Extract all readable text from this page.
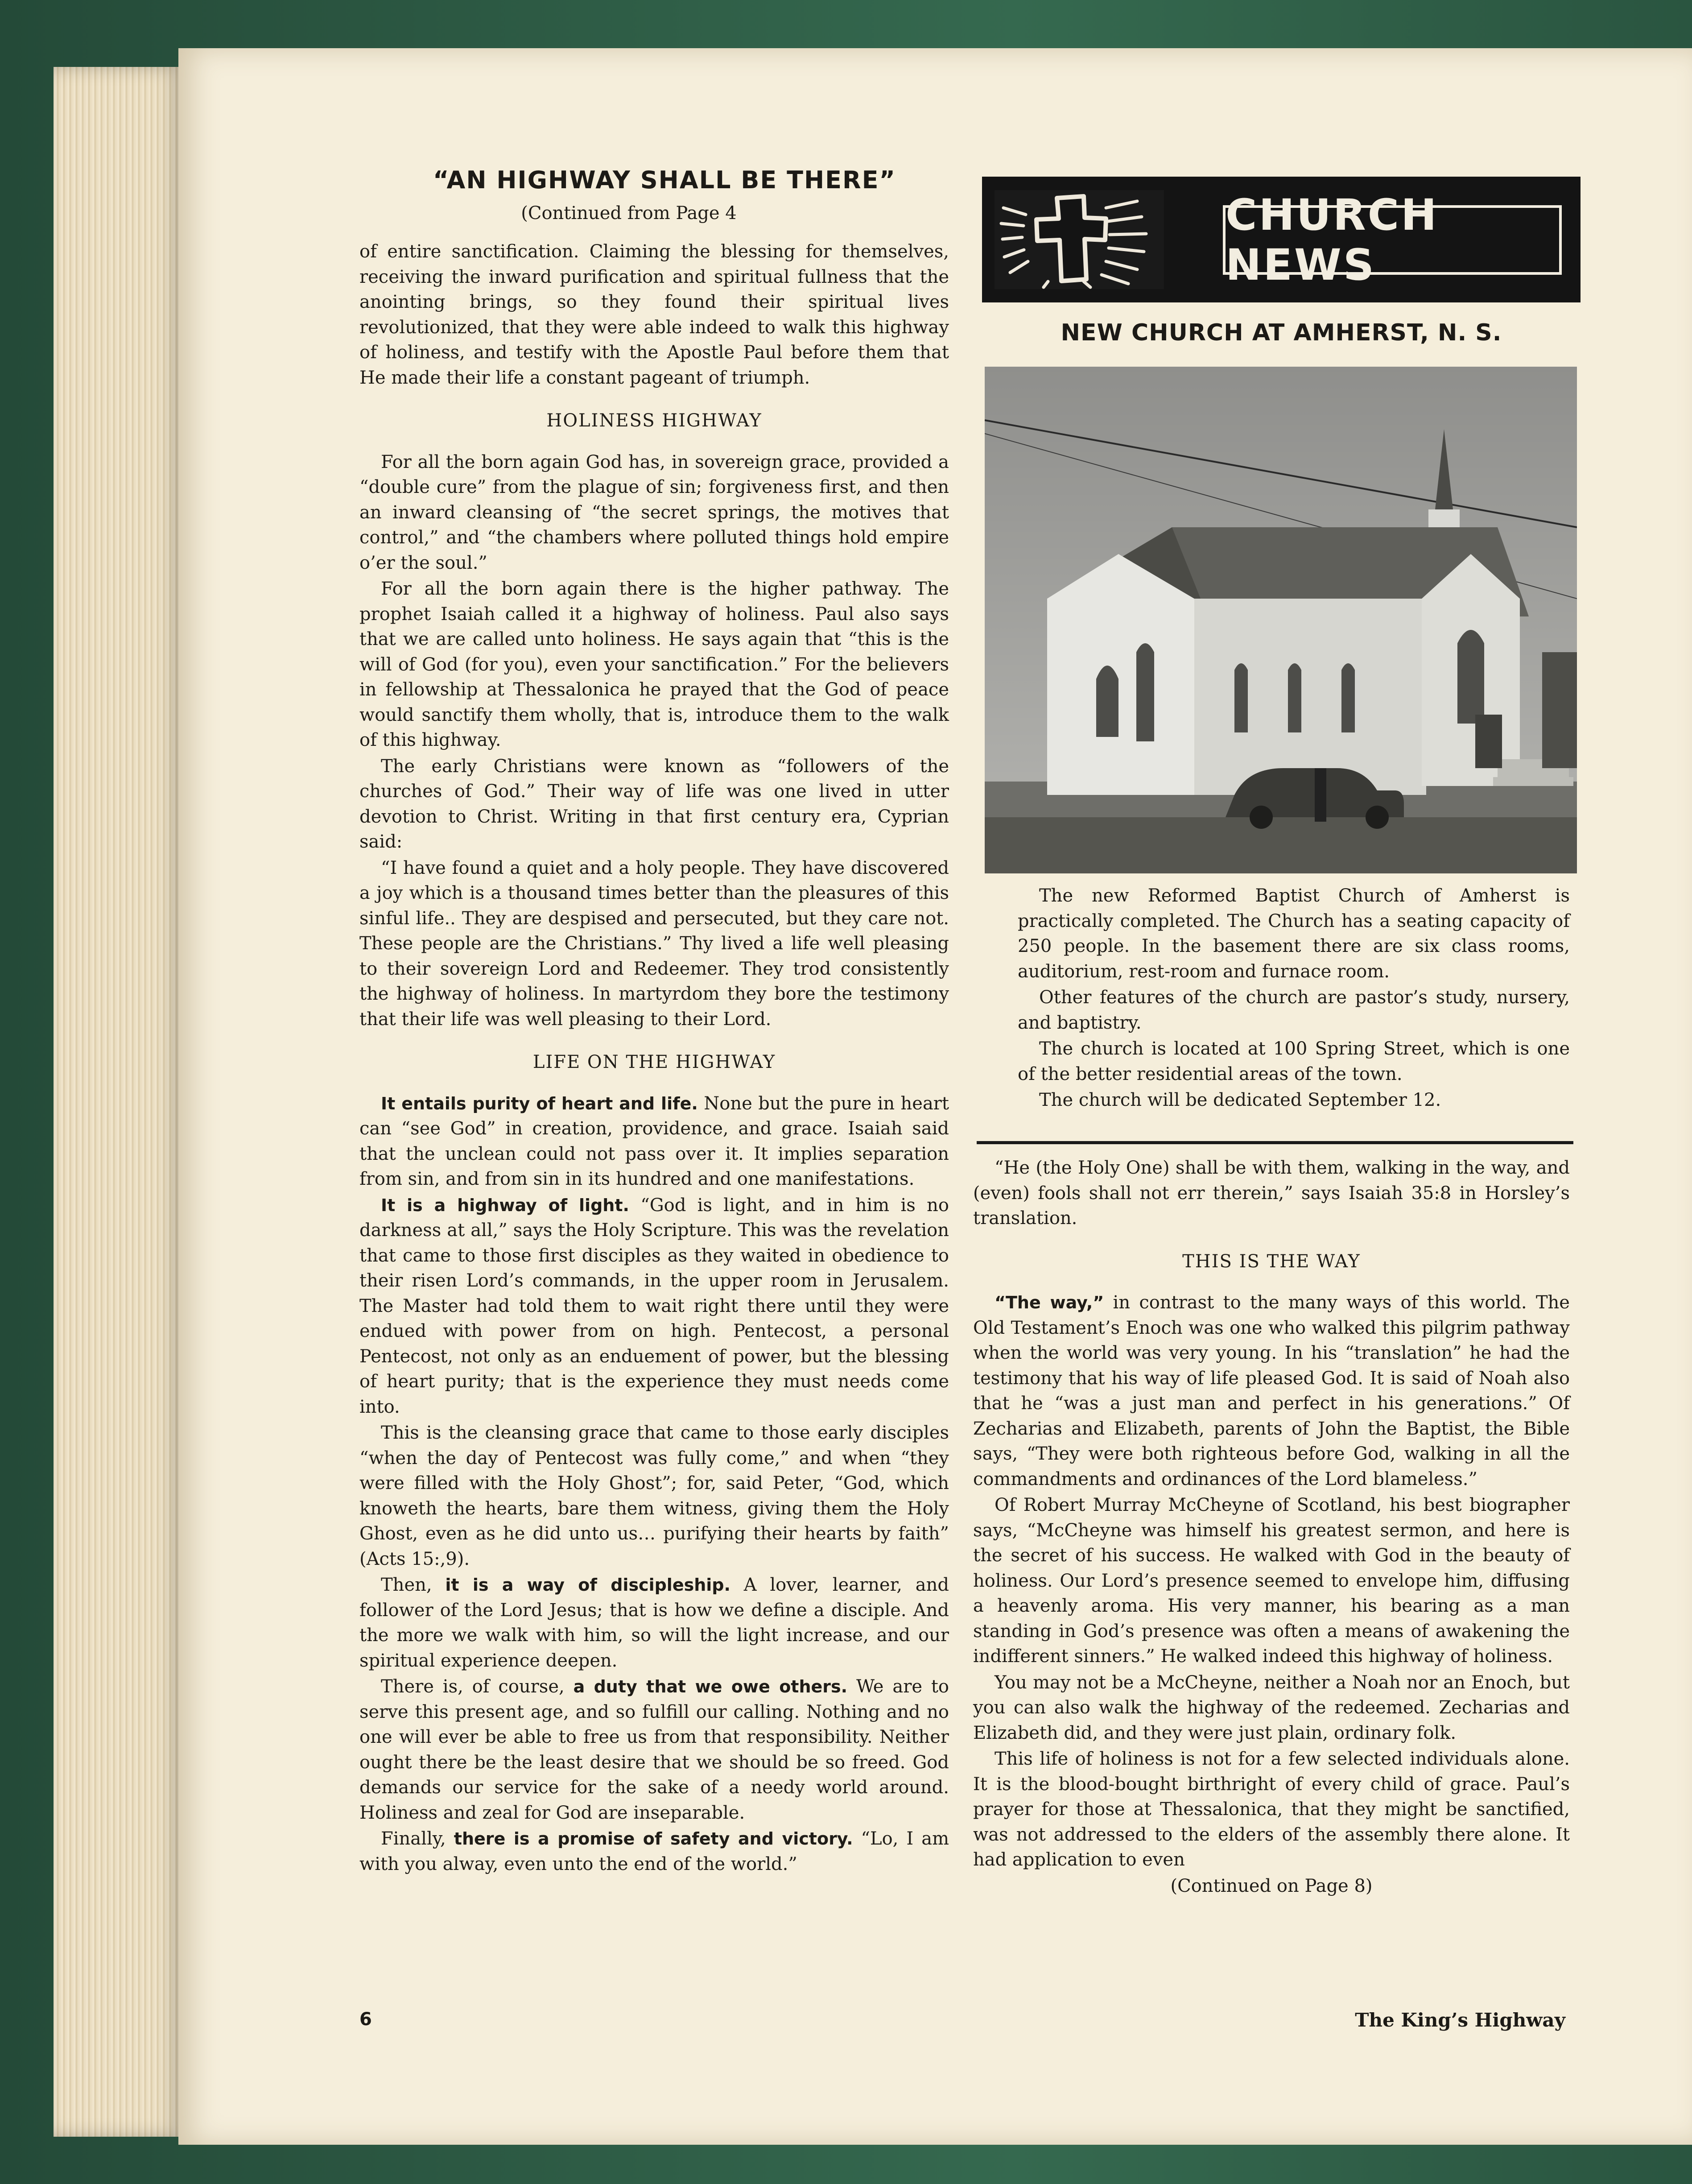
“AN HIGHWAY SHALL BE THERE”
(Continued from Page 4

of entire sanctification. Claiming the blessing for themselves, receiving the inward purification and spiritual fullness that the anointing brings, so they found their spiritual lives revolutionized, that they were able indeed to walk this highway of holiness, and testify with the Apostle Paul before them that He made their life a constant pageant of triumph.

HOLINESS HIGHWAY

For all the born again God has, in sovereign grace, provided a “double cure” from the plague of sin; forgiveness first, and then an inward cleansing of “the secret springs, the motives that control,” and “the chambers where polluted things hold empire o’er the soul.”

For all the born again there is the higher pathway. The prophet Isaiah called it a highway of holiness. Paul also says that we are called unto holiness. He says again that “this is the will of God (for you), even your sanctification.” For the believers in fellowship at Thessalonica he prayed that the God of peace would sanctify them wholly, that is, introduce them to the walk of this highway.

The early Christians were known as “followers of the churches of God.” Their way of life was one lived in utter devotion to Christ. Writing in that first century era, Cyprian said:

“I have found a quiet and a holy people. They have discovered a joy which is a thousand times better than the pleasures of this sinful life.. They are despised and persecuted, but they care not. These people are the Christians.” Thy lived a life well pleasing to their sovereign Lord and Redeemer. They trod consistently the highway of holiness. In martyrdom they bore the testimony that their life was well pleasing to their Lord.

LIFE ON THE HIGHWAY

It entails purity of heart and life. None but the pure in heart can “see God” in creation, providence, and grace. Isaiah said that the unclean could not pass over it. It implies separation from sin, and from sin in its hundred and one manifestations.

It is a highway of light. “God is light, and in him is no darkness at all,” says the Holy Scripture. This was the revelation that came to those first disciples as they waited in obedience to their risen Lord’s commands, in the upper room in Jerusalem. The Master had told them to wait right there until they were endued with power from on high. Pentecost, a personal Pentecost, not only as an enduement of power, but the blessing of heart purity; that is the experience they must needs come into.

This is the cleansing grace that came to those early disciples “when the day of Pentecost was fully come,” and when “they were filled with the Holy Ghost”; for, said Peter, “God, which knoweth the hearts, bare them witness, giving them the Holy Ghost, even as he did unto us… purifying their hearts by faith” (Acts 15:,9).

Then, it is a way of discipleship. A lover, learner, and follower of the Lord Jesus; that is how we define a disciple. And the more we walk with him, so will the light increase, and our spiritual experience deepen.

There is, of course, a duty that we owe others. We are to serve this present age, and so fulfill our calling. Nothing and no one will ever be able to free us from that responsibility. Neither ought there be the least desire that we should be so freed. God demands our service for the sake of a needy world around. Holiness and zeal for God are inseparable.

Finally, there is a promise of safety and victory. “Lo, I am with you alway, even unto the end of the world.”

CHURCH NEWS
NEW CHURCH AT AMHERST, N. S.

The new Reformed Baptist Church of Amherst is practically completed. The Church has a seating capacity of 250 people. In the basement there are six class rooms, auditorium, rest-room and furnace room.

Other features of the church are pastor’s study, nursery, and baptistry.

The church is located at 100 Spring Street, which is one of the better residential areas of the town.

The church will be dedicated September 12.

“He (the Holy One) shall be with them, walking in the way, and (even) fools shall not err therein,” says Isaiah 35:8 in Horsley’s translation.

THIS IS THE WAY

“The way,” in contrast to the many ways of this world. The Old Testament’s Enoch was one who walked this pilgrim pathway when the world was very young. In his “translation” he had the testimony that his way of life pleased God. It is said of Noah also that he “was a just man and perfect in his generations.” Of Zecharias and Elizabeth, parents of John the Baptist, the Bible says, “They were both righteous before God, walking in all the commandments and ordinances of the Lord blameless.”

Of Robert Murray McCheyne of Scotland, his best biographer says, “McCheyne was himself his greatest sermon, and here is the secret of his success. He walked with God in the beauty of holiness. Our Lord’s presence seemed to envelope him, diffusing a heavenly aroma. His very manner, his bearing as a man standing in God’s presence was often a means of awakening the indifferent sinners.” He walked indeed this highway of holiness.

You may not be a McCheyne, neither a Noah nor an Enoch, but you can also walk the highway of the redeemed. Zecharias and Elizabeth did, and they were just plain, ordinary folk.

This life of holiness is not for a few selected individuals alone. It is the blood-bought birthright of every child of grace. Paul’s prayer for those at Thessalonica, that they might be sanctified, was not addressed to the elders of the assembly there alone. It had application to even

(Continued on Page 8)

6	The King’s Highway
